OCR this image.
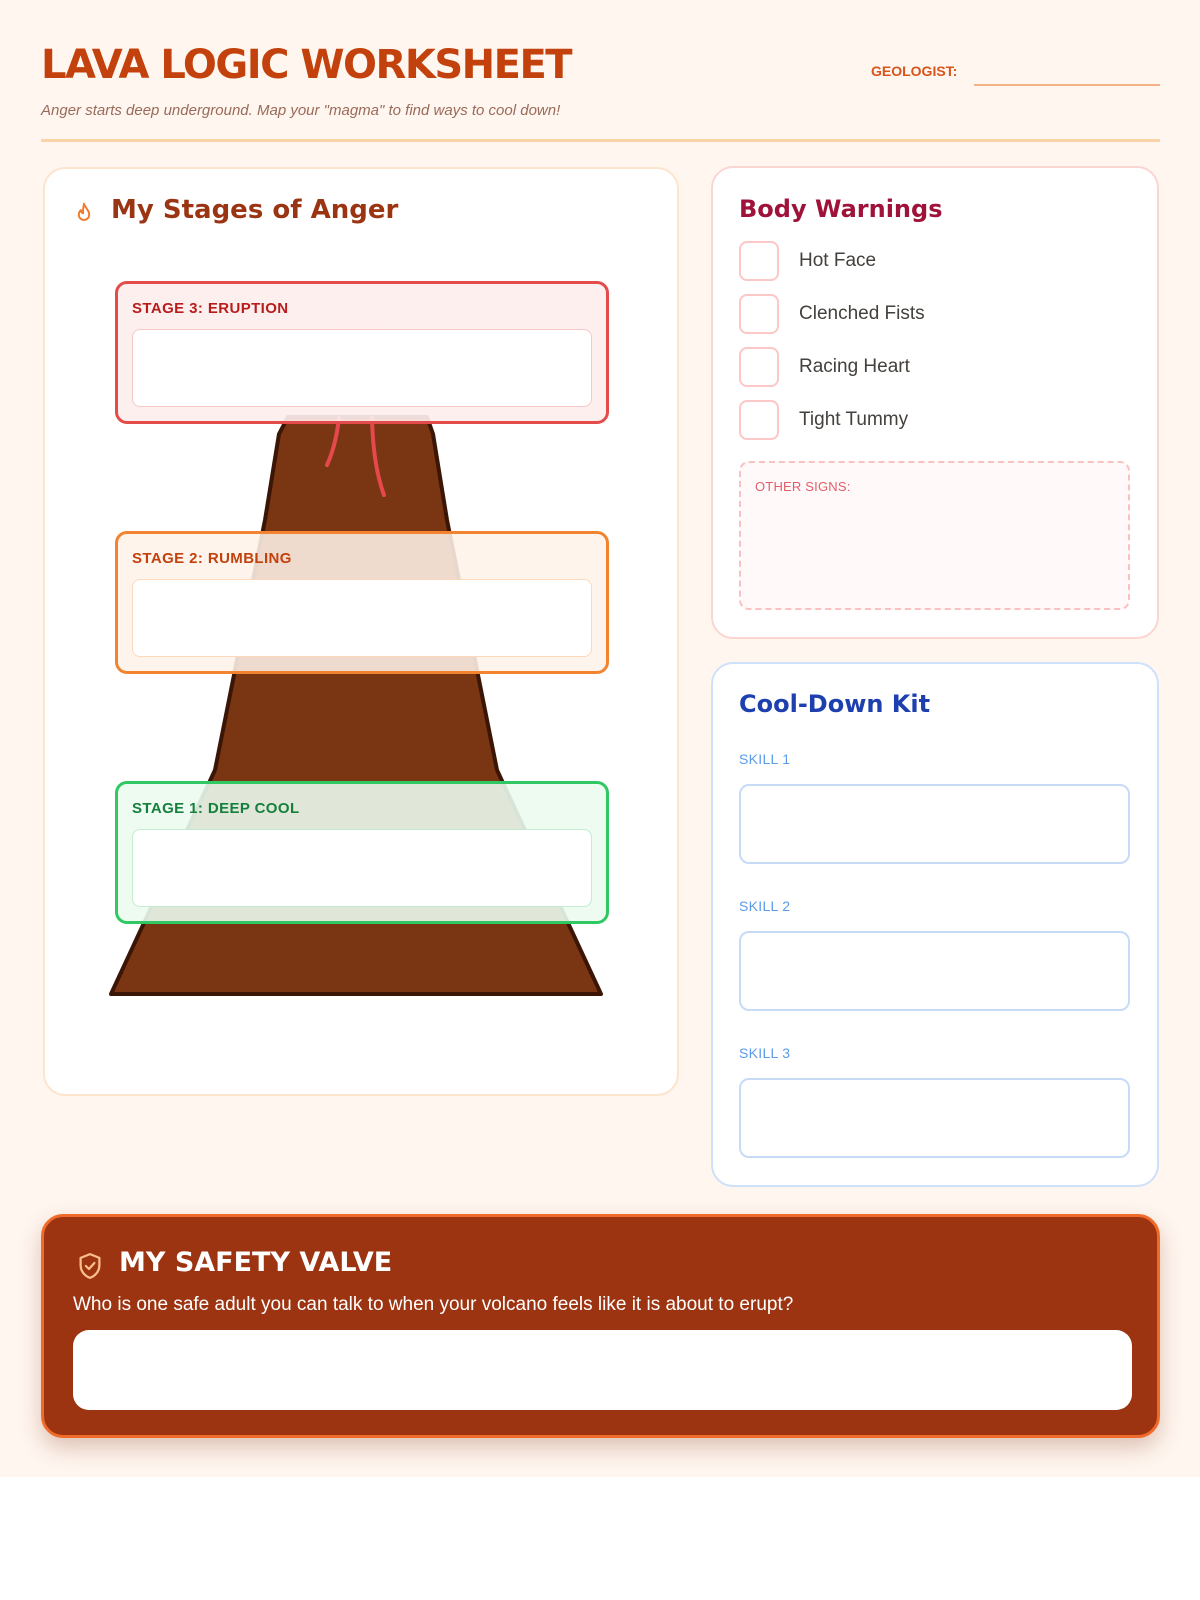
LAVA LOGIC WORKSHEET
Anger starts deep underground. Map your "magma" to find ways to cool down!
GEOLOGIST:
My Stages of Anger
STAGE 3: ERUPTION
STAGE 2: RUMBLING
STAGE 1: DEEP COOL
Body Warnings
Hot Face
Clenched Fists
Racing Heart
Tight Tummy
OTHER SIGNS:
Cool-Down Kit
SKILL 1
SKILL 2
SKILL 3
MY SAFETY VALVE
Who is one safe adult you can talk to when your volcano feels like it is about to erupt?
